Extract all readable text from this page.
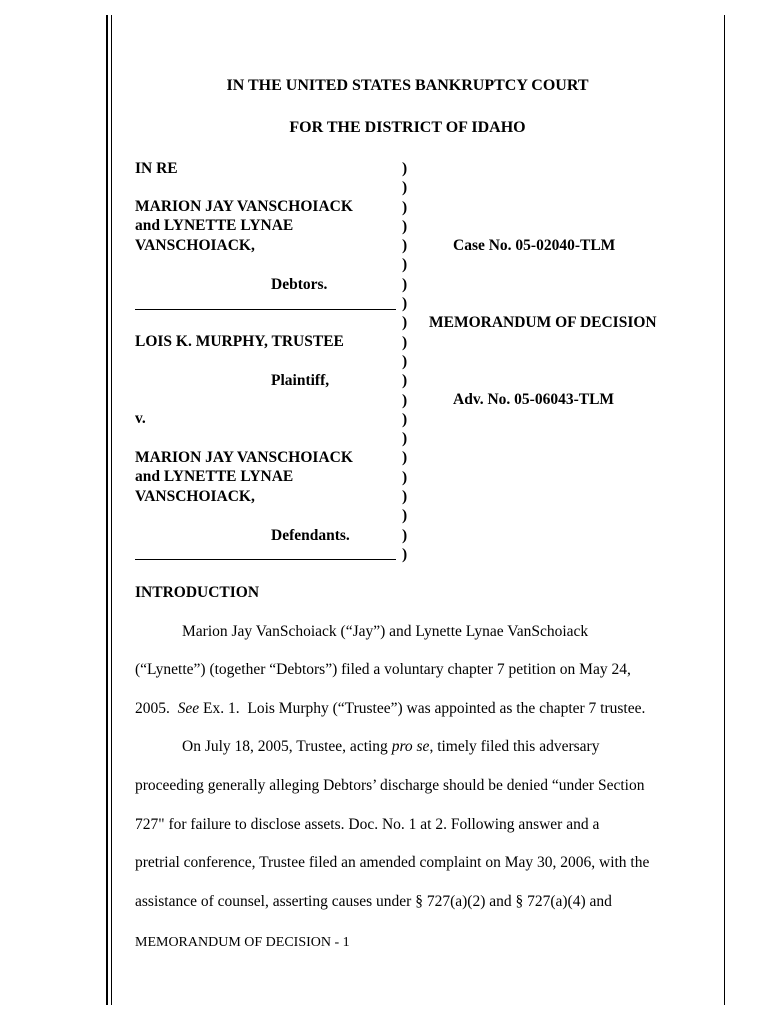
IN THE UNITED STATES BANKRUPTCY COURT
FOR THE DISTRICT OF IDAHO
IN RE
MARION JAY VANSCHOIACK
and LYNETTE LYNAE
VANSCHOIACK,
Debtors.
LOIS K. MURPHY, TRUSTEE
Plaintiff,
v.
MARION JAY VANSCHOIACK
and LYNETTE LYNAE
VANSCHOIACK,
Defendants.
)
)
)
)
)
)
)
)
)
)
)
)
)
)
)
)
)
)
)
)
)
Case No. 05-02040-TLM
MEMORANDUM OF DECISION
Adv. No. 05-06043-TLM
INTRODUCTION
Marion Jay VanSchoiack (“Jay”) and Lynette Lynae VanSchoiack
(“Lynette”) (together “Debtors”) filed a voluntary chapter 7 petition on May 24,
2005.  See Ex. 1.  Lois Murphy (“Trustee”) was appointed as the chapter 7 trustee.
On July 18, 2005, Trustee, acting pro se, timely filed this adversary
proceeding generally alleging Debtors’ discharge should be denied “under Section
727" for failure to disclose assets. Doc. No. 1 at 2. Following answer and a
pretrial conference, Trustee filed an amended complaint on May 30, 2006, with the
assistance of counsel, asserting causes under § 727(a)(2) and § 727(a)(4) and
MEMORANDUM OF DECISION - 1
